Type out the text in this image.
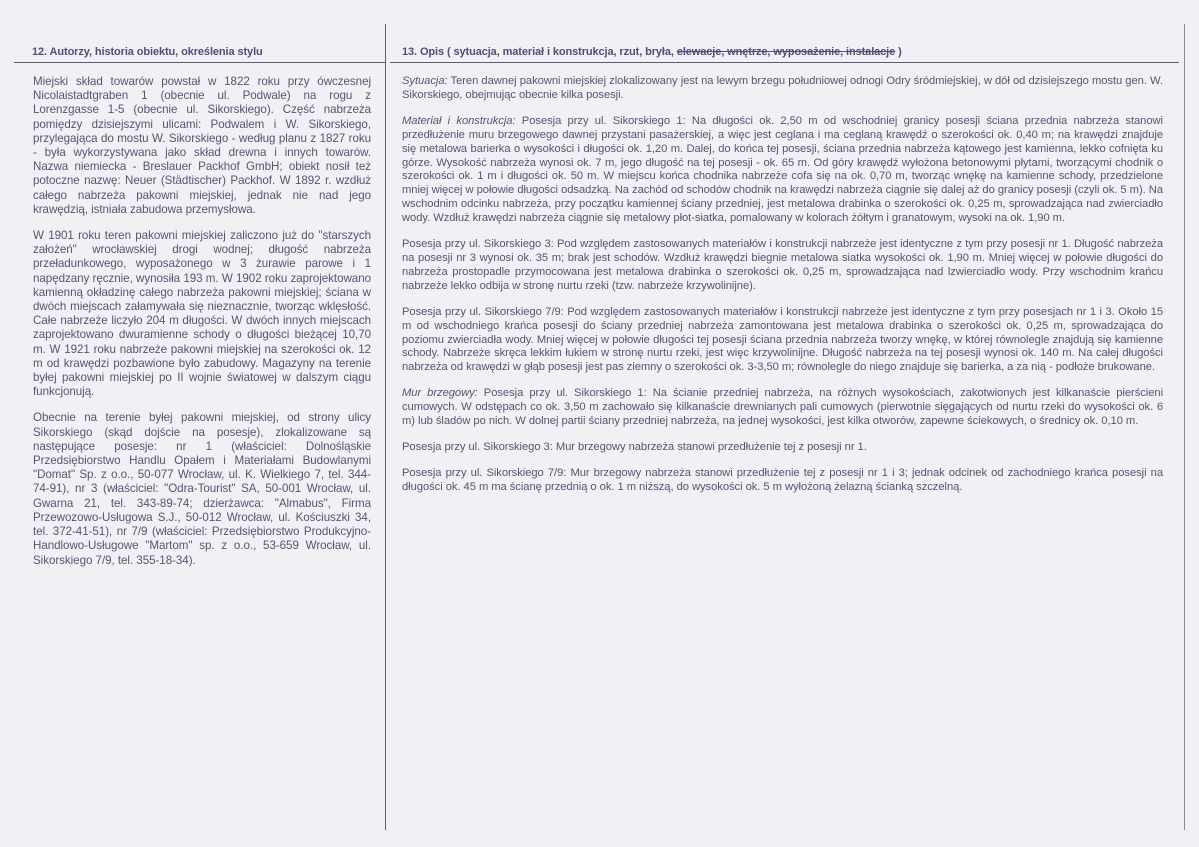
12. Autorzy, historia obiektu, określenia stylu

Miejski skład towarów powstał w 1822 roku przy ówczesnej Nicolaistadtgraben 1 (obecnie ul. Podwale) na rogu z Lorenzgasse 1-5 (obecnie ul. Sikorskiego). Część nabrzeża pomiędzy dzisiejszymi ulicami: Podwalem i W. Sikorskiego, przylegająca do mostu W. Sikorskiego - według planu z 1827 roku - była wykorzystywana jako skład drewna i innych towarów. Nazwa niemiecka - Breslauer Packhof GmbH; obiekt nosił też potoczne nazwę: Neuer (Städtischer) Packhof. W 1892 r. wzdłuż całego nabrzeża pakowni miejskiej, jednak nie nad jego krawędzią, istniała zabudowa przemysłowa.

W 1901 roku teren pakowni miejskiej zaliczono już do "starszych założeń" wrocławskiej drogi wodnej; długość nabrzeża przeładunkowego, wyposażonego w 3 żurawie parowe i 1 napędzany ręcznie, wynosiła 193 m. W 1902 roku zaprojektowano kamienną okładzinę całego nabrzeża pakowni miejskiej; ściana w dwóch miejscach załamywała się nieznacznie, tworząc wklęsłość. Całe nabrzeże liczyło 204 m długości. W dwóch innych miejscach zaprojektowano dwuramienne schody o długości bieżącej 10,70 m. W 1921 roku nabrzeże pakowni miejskiej na szerokości ok. 12 m od krawędzi pozbawione było zabudowy. Magazyny na terenie byłej pakowni miejskiej po II wojnie światowej w dalszym ciągu funkcjonują.

Obecnie na terenie byłej pakowni miejskiej, od strony ulicy Sikorskiego (skąd dojście na posesje), zlokalizowane są następujące posesje: nr 1 (właściciel: Dolnośląskie Przedsiębiorstwo Handlu Opałem i Materiałami Budowlanymi "Domat" Sp. z o.o., 50-077 Wrocław, ul. K. Wielkiego 7, tel. 344-74-91), nr 3 (właściciel: "Odra-Tourist" SA, 50-001 Wrocław, ul. Gwarna 21, tel. 343-89-74; dzierżawca: "Almabus", Firma Przewozowo-Usługowa S.J., 50-012 Wrocław, ul. Kościuszki 34, tel. 372-41-51), nr 7/9 (właściciel: Przedsiębiorstwo Produkcyjno-Handlowo-Usługowe "Martom" sp. z o.o., 53-659 Wrocław, ul. Sikorskiego 7/9, tel. 355-18-34).

13. Opis ( sytuacja, materiał i konstrukcja, rzut, bryła, elewacje, wnętrze, wyposażenie, instalacje )

Sytuacja: Teren dawnej pakowni miejskiej zlokalizowany jest na lewym brzegu południowej odnogi Odry śródmiejskiej, w dół od dzisiejszego mostu gen. W. Sikorskiego, obejmując obecnie kilka posesji.

Materiał i konstrukcja: Posesja przy ul. Sikorskiego 1: Na długości ok. 2,50 m od wschodniej granicy posesji ściana przednia nabrzeża stanowi przedłużenie muru brzegowego dawnej przystani pasażerskiej, a więc jest ceglana i ma ceglaną krawędź o szerokości ok. 0,40 m; na krawędzi znajduje się metalowa barierka o wysokości i długości ok. 1,20 m. Dalej, do końca tej posesji, ściana przednia nabrzeża kątowego jest kamienna, lekko cofnięta ku górze. Wysokość nabrzeża wynosi ok. 7 m, jego długość na tej posesji - ok. 65 m. Od góry krawędź wyłożona betonowymi płytami, tworzącymi chodnik o szerokości ok. 1 m i długości ok. 50 m. W miejscu końca chodnika nabrzeże cofa się na ok. 0,70 m, tworząc wnękę na kamienne schody, przedzielone mniej więcej w połowie długości odsadzką. Na zachód od schodów chodnik na krawędzi nabrzeża ciągnie się dalej aż do granicy posesji (czyli ok. 5 m). Na wschodnim odcinku nabrzeża, przy początku kamiennej ściany przedniej, jest metalowa drabinka o szerokości ok. 0,25 m, sprowadzająca nad zwierciadło wody. Wzdłuż krawędzi nabrzeża ciągnie się metalowy płot-siatka, pomalowany w kolorach żółtym i granatowym, wysoki na ok. 1,90 m.

Posesja przy ul. Sikorskiego 3: Pod względem zastosowanych materiałów i konstrukcji nabrzeże jest identyczne z tym przy posesji nr 1. Długość nabrzeża na posesji nr 3 wynosi ok. 35 m; brak jest schodów. Wzdłuż krawędzi biegnie metalowa siatka wysokości ok. 1,90 m. Mniej więcej w połowie długości do nabrzeża prostopadle przymocowana jest metalowa drabinka o szerokości ok. 0,25 m, sprowadzająca nad lzwierciadło wody. Przy wschodnim krańcu nabrzeże lekko odbija w stronę nurtu rzeki (tzw. nabrzeże krzywolinijne).

Posesja przy ul. Sikorskiego 7/9: Pod względem zastosowanych materiałów i konstrukcji nabrzeże jest identyczne z tym przy posesjach nr 1 i 3. Około 15 m od wschodniego krańca posesji do ściany przedniej nabrzeża zamontowana jest metalowa drabinka o szerokości ok. 0,25 m, sprowadzająca do poziomu zwierciadła wody. Mniej więcej w połowie długości tej posesji ściana przednia nabrzeża tworzy wnękę, w której równolegle znajdują się kamienne schody. Nabrzeże skręca lekkim łukiem w stronę nurtu rzeki, jest więc krzywolinijne. Długość nabrzeża na tej posesji wynosi ok. 140 m. Na całej długości nabrzeża od krawędzi w głąb posesji jest pas ziemny o szerokości ok. 3-3,50 m; równolegle do niego znajduje się barierka, a za nią - podłoże brukowane.

Mur brzegowy: Posesja przy ul. Sikorskiego 1: Na ścianie przedniej nabrzeża, na różnych wysokościach, zakotwionych jest kilkanaście pierścieni cumowych. W odstępach co ok. 3,50 m zachowało się kilkanaście drewnianych pali cumowych (pierwotnie sięgających od nurtu rzeki do wysokości ok. 6 m) lub śladów po nich. W dolnej partii ściany przedniej nabrzeża, na jednej wysokości, jest kilka otworów, zapewne ściekowych, o średnicy ok. 0,10 m.

Posesja przy ul. Sikorskiego 3: Mur brzegowy nabrzeża stanowi przedłużenie tej z posesji nr 1.

Posesja przy ul. Sikorskiego 7/9: Mur brzegowy nabrzeża stanowi przedłużenie tej z posesji nr 1 i 3; jednak odcinek od zachodniego krańca posesji na długości ok. 45 m ma ścianę przednią o ok. 1 m niższą, do wysokości ok. 5 m wyłożoną żelazną ścianką szczelną.
